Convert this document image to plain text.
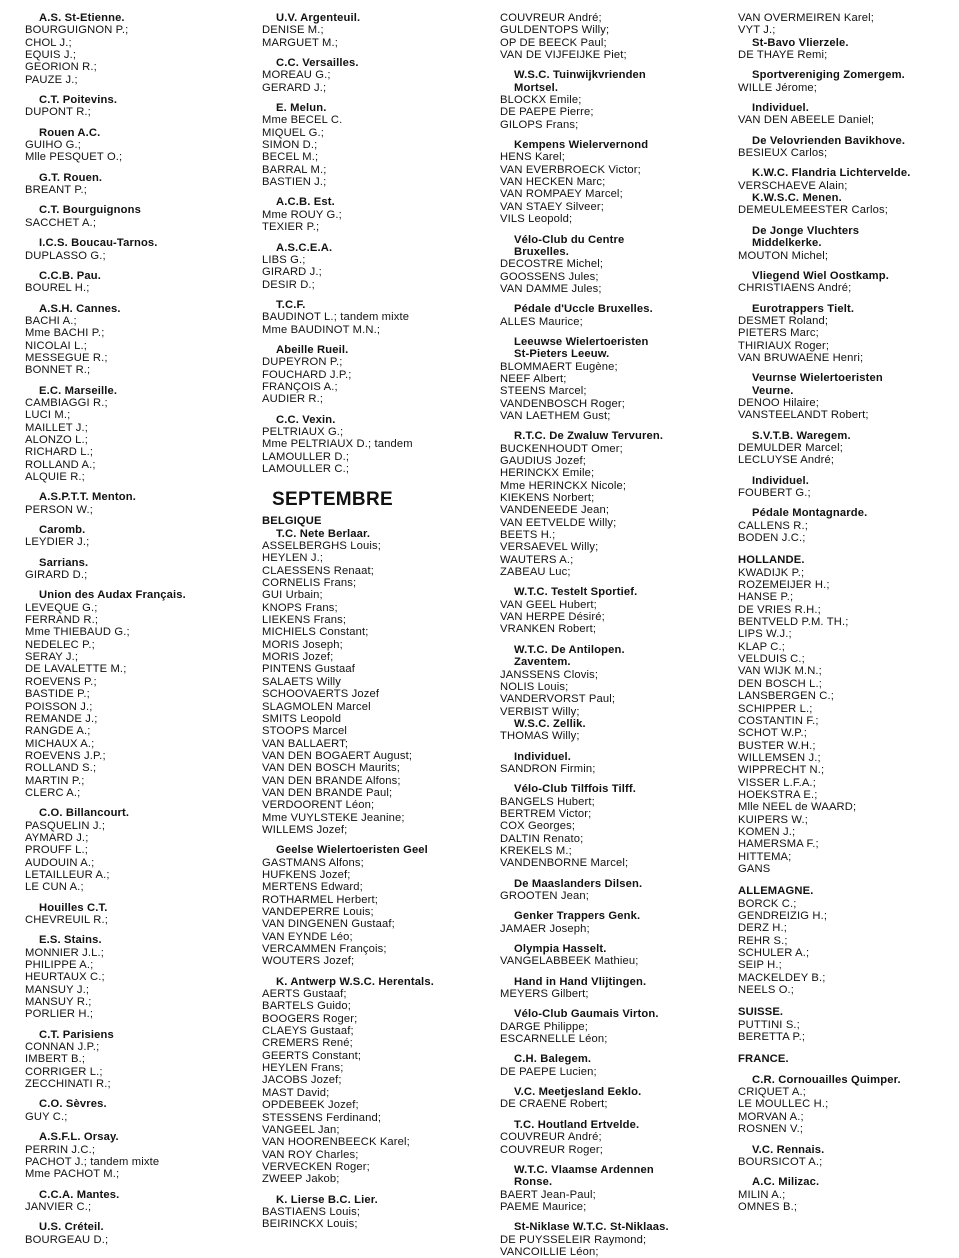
A.S. St-Etienne.
BOURGUIGNON P.;
CHOL J.;
EQUIS J.;
GEORION R.;
PAUZE J.;
C.T. Poitevins.
DUPONT R.;
Rouen A.C.
GUIHO G.;
Mlle PESQUET O.;
G.T. Rouen.
BREANT P.;
C.T. Bourguignons
SACCHET A.;
I.C.S. Boucau-Tarnos.
DUPLASSO G.;
C.C.B. Pau.
BOUREL H.;
A.S.H. Cannes.
BACHI A.;
Mme BACHI P.;
NICOLAI L.;
MESSEGUE R.;
BONNET R.;
E.C. Marseille.
CAMBIAGGI R.;
LUCI M.;
MAILLET J.;
ALONZO L.;
RICHARD L.;
ROLLAND A.;
ALQUIE R.;
A.S.P.T.T. Menton.
PERSON W.;
Caromb.
LEYDIER J.;
Sarrians.
GIRARD D.;
Union des Audax Français.
LEVEQUE G.;
FERRAND R.;
Mme THIEBAUD G.;
NEDELEC P.;
SERAY J.;
DE LAVALETTE M.;
ROEVENS P.;
BASTIDE P.;
POISSON J.;
REMANDE J.;
RANGDE A.;
MICHAUX A.;
ROEVENS J.P.;
ROLLAND S.;
MARTIN P.;
CLERC A.;
C.O. Billancourt.
PASQUELIN J.;
AYMARD J.;
PROUFF L.;
AUDOUIN A.;
LETAILLEUR A.;
LE CUN A.;
Houilles C.T.
CHEVREUIL R.;
E.S. Stains.
MONNIER J.L.;
PHILIPPE A.;
HEURTAUX C.;
MANSUY J.;
MANSUY R.;
PORLIER H.;
C.T. Parisiens
CONNAN J.P.;
IMBERT B.;
CORRIGER L.;
ZECCHINATI R.;
C.O. Sèvres.
GUY C.;
A.S.F.L. Orsay.
PERRIN J.C.;
PACHOT J.; tandem mixte
Mme PACHOT M.;
C.C.A. Mantes.
JANVIER C.;
U.S. Créteil.
BOURGEAU D.;
U.V. Argenteuil.
DENISE M.;
MARGUET M.;
C.C. Versailles.
MOREAU G.;
GERARD J.;
E. Melun.
Mme BECEL C.
MIQUEL G.;
SIMON D.;
BECEL M.;
BARRAL M.;
BASTIEN J.;
A.C.B. Est.
Mme ROUY G.;
TEXIER P.;
A.S.C.E.A.
LIBS G.;
GIRARD J.;
DESIR D.;
T.C.F.
BAUDINOT L.; tandem mixte
Mme BAUDINOT M.N.;
Abeille Rueil.
DUPEYRON P.;
FOUCHARD J.P.;
FRANÇOIS A.;
AUDIER R.;
C.C. Vexin.
PELTRIAUX G.;
Mme PELTRIAUX D.; tandem
LAMOULLER D.;
LAMOULLER C.;
SEPTEMBRE
BELGIQUE
T.C. Nete Berlaar.
ASSELBERGHS Louis;
HEYLEN J.;
CLAESSENS Renaat;
CORNELIS Frans;
GUI Urbain;
KNOPS Frans;
LIEKENS Frans;
MICHIELS Constant;
MORIS Joseph;
MORIS Jozef;
PINTENS Gustaaf
SALAETS Willy
SCHOOVAERTS Jozef
SLAGMOLEN Marcel
SMITS Leopold
STOOPS Marcel
VAN BALLAERT;
VAN DEN BOGAERT August;
VAN DEN BOSCH Maurits;
VAN DEN BRANDE Alfons;
VAN DEN BRANDE Paul;
VERDOORENT Léon;
Mme VUYLSTEKE Jeanine;
WILLEMS Jozef;
Geelse Wielertoeristen Geel
GASTMANS Alfons;
HUFKENS Jozef;
MERTENS Edward;
ROTHARMEL Herbert;
VANDEPERRE Louis;
VAN DINGENEN Gustaaf;
VAN EYNDE Léo;
VERCAMMEN François;
WOUTERS Jozef;
K. Antwerp W.S.C. Herentals.
AERTS Gustaaf;
BARTELS Guido;
BOOGERS Roger;
CLAEYS Gustaaf;
CREMERS René;
GEERTS Constant;
HEYLEN Frans;
JACOBS Jozef;
MAST David;
OPDEBEEK Jozef;
STESSENS Ferdinand;
VANGEEL Jan;
VAN HOORENBEECK Karel;
VAN ROY Charles;
VERVECKEN Roger;
ZWEEP Jakob;
K. Lierse B.C. Lier.
BASTIAENS Louis;
BEIRINCKX Louis;
COUVREUR André;
GULDENTOPS Willy;
OP DE BEECK Paul;
VAN DE VIJFEIJKE Piet;
W.S.C. Tuinwijkvrienden
Mortsel.
BLOCKX Emile;
DE PAEPE Pierre;
GILOPS Frans;
Kempens Wielervernond
HENS Karel;
VAN EVERBROECK Victor;
VAN HECKEN Marc;
VAN ROMPAEY Marcel;
VAN STAEY Silveer;
VILS Leopold;
Vélo-Club du Centre
Bruxelles.
DECOSTRE Michel;
GOOSSENS Jules;
VAN DAMME Jules;
Pédale d'Uccle Bruxelles.
ALLES Maurice;
Leeuwse Wielertoeristen
St-Pieters Leeuw.
BLOMMAERT Eugène;
NEEF Albert;
STEENS Marcel;
VANDENBOSCH Roger;
VAN LAETHEM Gust;
R.T.C. De Zwaluw Tervuren.
BUCKENHOUDT Omer;
GAUDIUS Jozef;
HERINCKX Emile;
Mme HERINCKX Nicole;
KIEKENS Norbert;
VANDENEEDE Jean;
VAN EETVELDE Willy;
BEETS H.;
VERSAEVEL Willy;
WAUTERS A.;
ZABEAU Luc;
W.T.C. Testelt Sportief.
VAN GEEL Hubert;
VAN HERPE Désiré;
VRANKEN Robert;
W.T.C. De Antilopen.
Zaventem.
JANSSENS Clovis;
NOLIS Louis;
VANDERVORST Paul;
VERBIST Willy;
W.S.C. Zellik.
THOMAS Willy;
Individuel.
SANDRON Firmin;
Vélo-Club Tilffois Tilff.
BANGELS Hubert;
BERTREM Victor;
COX Georges;
DALTIN Renato;
KREKELS M.;
VANDENBORNE Marcel;
De Maaslanders Dilsen.
GROOTEN Jean;
Genker Trappers Genk.
JAMAER Joseph;
Olympia Hasselt.
VANGELABBEEK Mathieu;
Hand in Hand Vlijtingen.
MEYERS Gilbert;
Vélo-Club Gaumais Virton.
DARGE Philippe;
ESCARNELLE Léon;
C.H. Balegem.
DE PAEPE Lucien;
V.C. Meetjesland Eeklo.
DE CRAENE Robert;
T.C. Houtland Ertvelde.
COUVREUR André;
COUVREUR Roger;
W.T.C. Vlaamse Ardennen
Ronse.
BAERT Jean-Paul;
PAEME Maurice;
St-Niklase W.T.C. St-Niklaas.
DE PUYSSELEIR Raymond;
VANCOILLIE Léon;
VAN OVERMEIREN Karel;
VYT J.;
St-Bavo Vlierzele.
DE THAYE Remi;
Sportvereniging Zomergem.
WILLE Jérome;
Individuel.
VAN DEN ABEELE Daniel;
De Velovrienden Bavikhove.
BESIEUX Carlos;
K.W.C. Flandria Lichtervelde.
VERSCHAEVE Alain;
K.W.S.C. Menen.
DEMEULEMEESTER Carlos;
De Jonge Vluchters
Middelkerke.
MOUTON Michel;
Vliegend Wiel Oostkamp.
CHRISTIAENS André;
Eurotrappers Tielt.
DESMET Roland;
PIETERS Marc;
THIRIAUX Roger;
VAN BRUWAENE Henri;
Veurnse Wielertoeristen
Veurne.
DENOO Hilaire;
VANSTEELANDT Robert;
S.V.T.B. Waregem.
DEMULDER Marcel;
LECLUYSE André;
Individuel.
FOUBERT G.;
Pédale Montagnarde.
CALLENS R.;
BODEN J.C.;
HOLLANDE.
KWADIJK P.;
ROZEMEIJER H.;
HANSE P.;
DE VRIES R.H.;
BENTVELD P.M. TH.;
LIPS W.J.;
KLAP C.;
VELDUIS C.;
VAN WIJK M.N.;
DEN BOSCH L.;
LANSBERGEN C.;
SCHIPPER L.;
COSTANTIN F.;
SCHOT W.P.;
BUSTER W.H.;
WILLEMSEN J.;
WIPPRECHT N.;
VISSER L.F.A.;
HOEKSTRA E.;
Mlle NEEL de WAARD;
KUIPERS W.;
KOMEN J.;
HAMERSMA F.;
HITTEMA;
GANS
ALLEMAGNE.
BORCK C.;
GENDREIZIG H.;
DERZ H.;
REHR S.;
SCHULER A.;
SEIP H.;
MACKELDEY B.;
NEELS O.;
SUISSE.
PUTTINI S.;
BERETTA P.;
FRANCE.
C.R. Cornouailles Quimper.
CRIQUET A.;
LE MOULLEC H.;
MORVAN A.;
ROSNEN V.;
V.C. Rennais.
BOURSICOT A.;
A.C. Milizac.
MILIN A.;
OMNES B.;
